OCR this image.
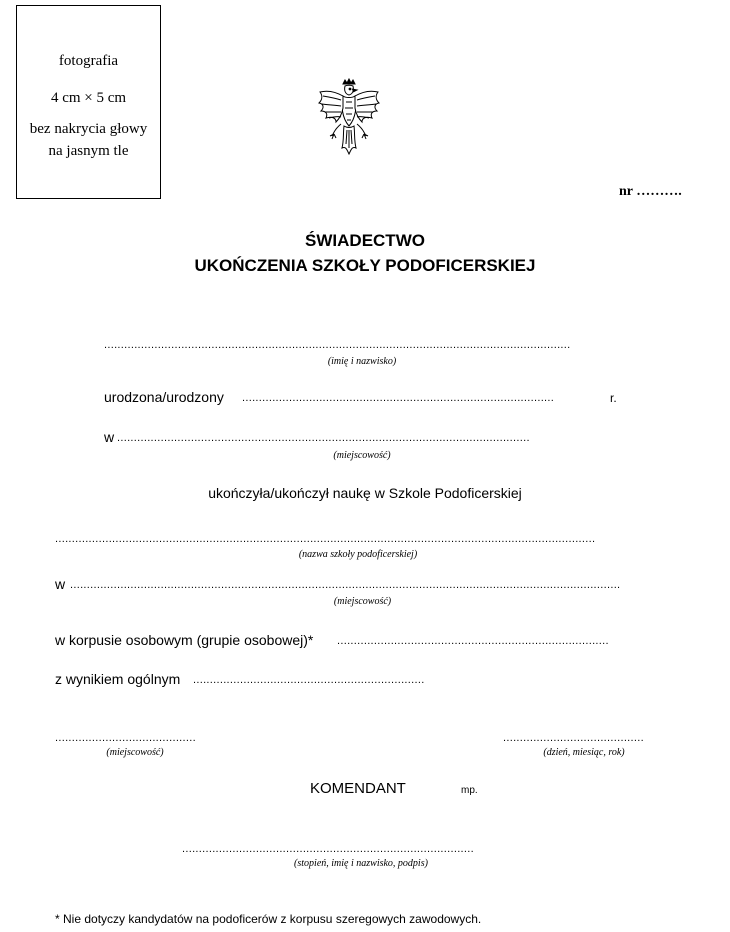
fotografia
4 cm × 5 cm
bez nakrycia głowy
na jasnym tle
nr ……….
ŚWIADECTWO
UKOŃCZENIA SZKOŁY PODOFICERSKIEJ
...........................................................................................................................................
(imię i nazwisko)
urodzona/urodzony .............................................................................................	r.
w ...........................................................................................................................
(miejscowość)
ukończyła/ukończył naukę w Szkole Podoficerskiej
.................................................................................................................................................................
(nazwa szkoły podoficerskiej)
w ....................................................................................................................................................................
(miejscowość)
w korpusie osobowym (grupie osobowej)* .................................................................................
z wynikiem ogólnym .....................................................................
..........................................
(miejscowość)
..........................................
(dzień, miesiąc, rok)
KOMENDANT	mp.
.......................................................................................
(stopień, imię i nazwisko, podpis)
* Nie dotyczy kandydatów na podoficerów z korpusu szeregowych zawodowych.
